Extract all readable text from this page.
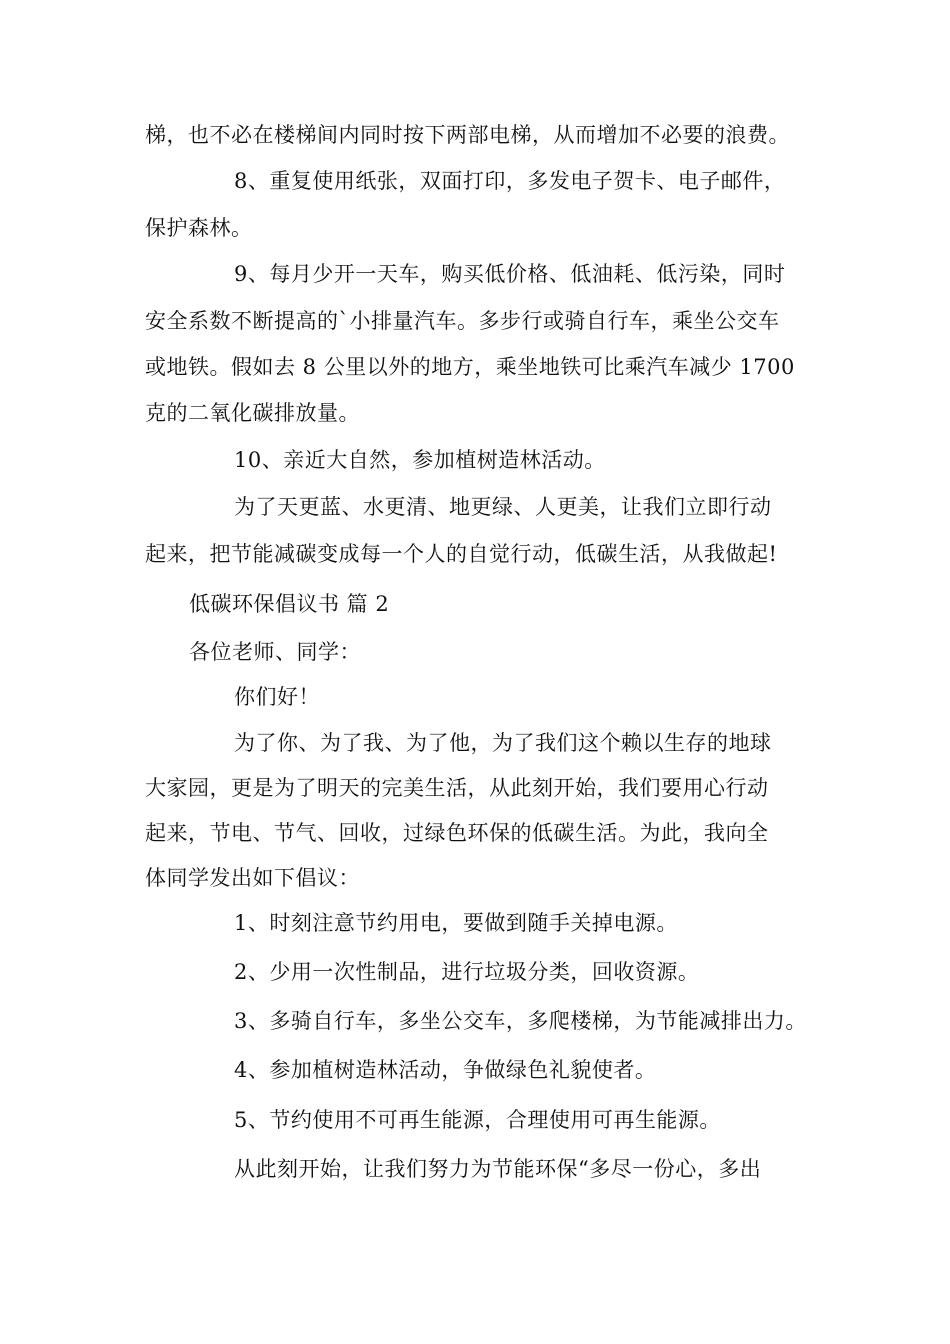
梯，也不必在楼梯间内同时按下两部电梯，从而增加不必要的浪费。
8、重复使用纸张，双面打印，多发电子贺卡、电子邮件，
保护森林。
9、每月少开一天车，购买低价格、低油耗、低污染，同时
安全系数不断提高的`小排量汽车。多步行或骑自行车，乘坐公交车
或地铁。假如去 8 公里以外的地方，乘坐地铁可比乘汽车减少 1700
克的二氧化碳排放量。
10、亲近大自然，参加植树造林活动。
为了天更蓝、水更清、地更绿、人更美，让我们立即行动
起来，把节能减碳变成每一个人的自觉行动，低碳生活，从我做起!
低碳环保倡议书 篇 2
各位老师、同学：
你们好！
为了你、为了我、为了他，为了我们这个赖以生存的地球
大家园，更是为了明天的完美生活，从此刻开始，我们要用心行动
起来，节电、节气、回收，过绿色环保的低碳生活。为此，我向全
体同学发出如下倡议：
1、时刻注意节约用电，要做到随手关掉电源。
2、少用一次性制品，进行垃圾分类，回收资源。
3、多骑自行车，多坐公交车，多爬楼梯，为节能减排出力。
4、参加植树造林活动，争做绿色礼貌使者。
5、节约使用不可再生能源，合理使用可再生能源。
从此刻开始，让我们努力为节能环保“多尽一份心，多出
